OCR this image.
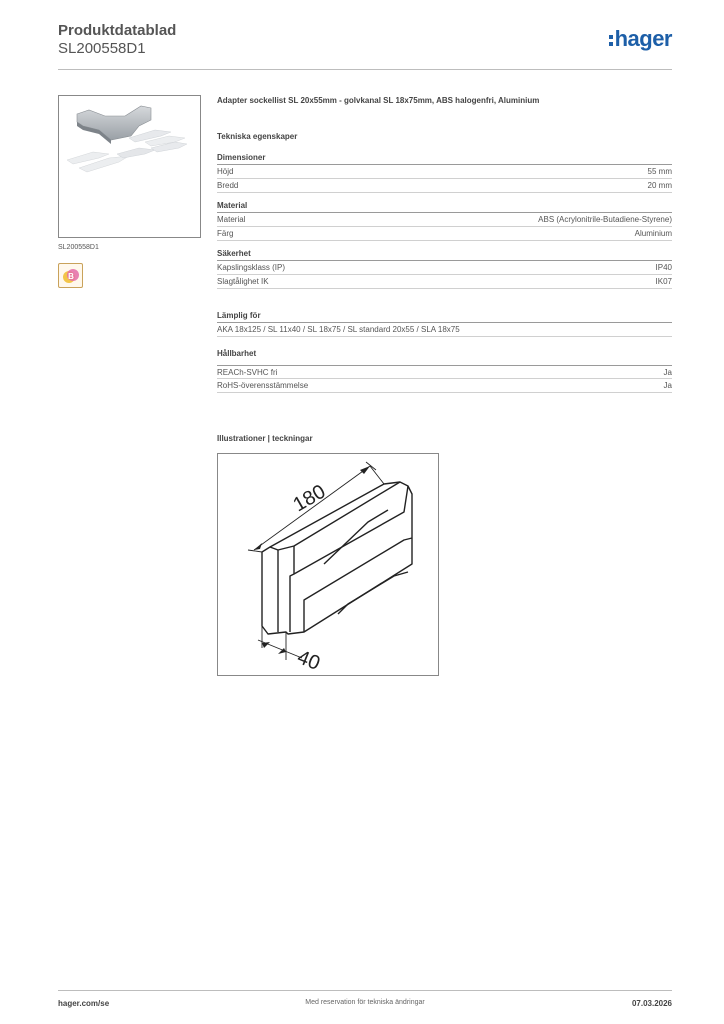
Produktdatablad
SL200558D1	hager
SL200558D1
B
Adapter sockellist SL 20x55mm - golvkanal SL 18x75mm, ABS halogenfri, Aluminium
Tekniska egenskaper
Dimensioner
Höjd	55 mm
Bredd	20 mm
Material
Material	ABS (Acrylonitrile-Butadiene-Styrene)
Färg	Aluminium
Säkerhet
Kapslingsklass (IP)	IP40
Slagtålighet IK	IK07
Lämplig för
AKA 18x125 / SL 11x40 / SL 18x75 / SL standard 20x55 / SLA 18x75
Hållbarhet
REACh-SVHC fri	Ja
RoHS-överensstämmelse	Ja
Illustrationer | teckningar
180
40
hager.com/se	Med reservation för tekniska ändringar	07.03.2026
